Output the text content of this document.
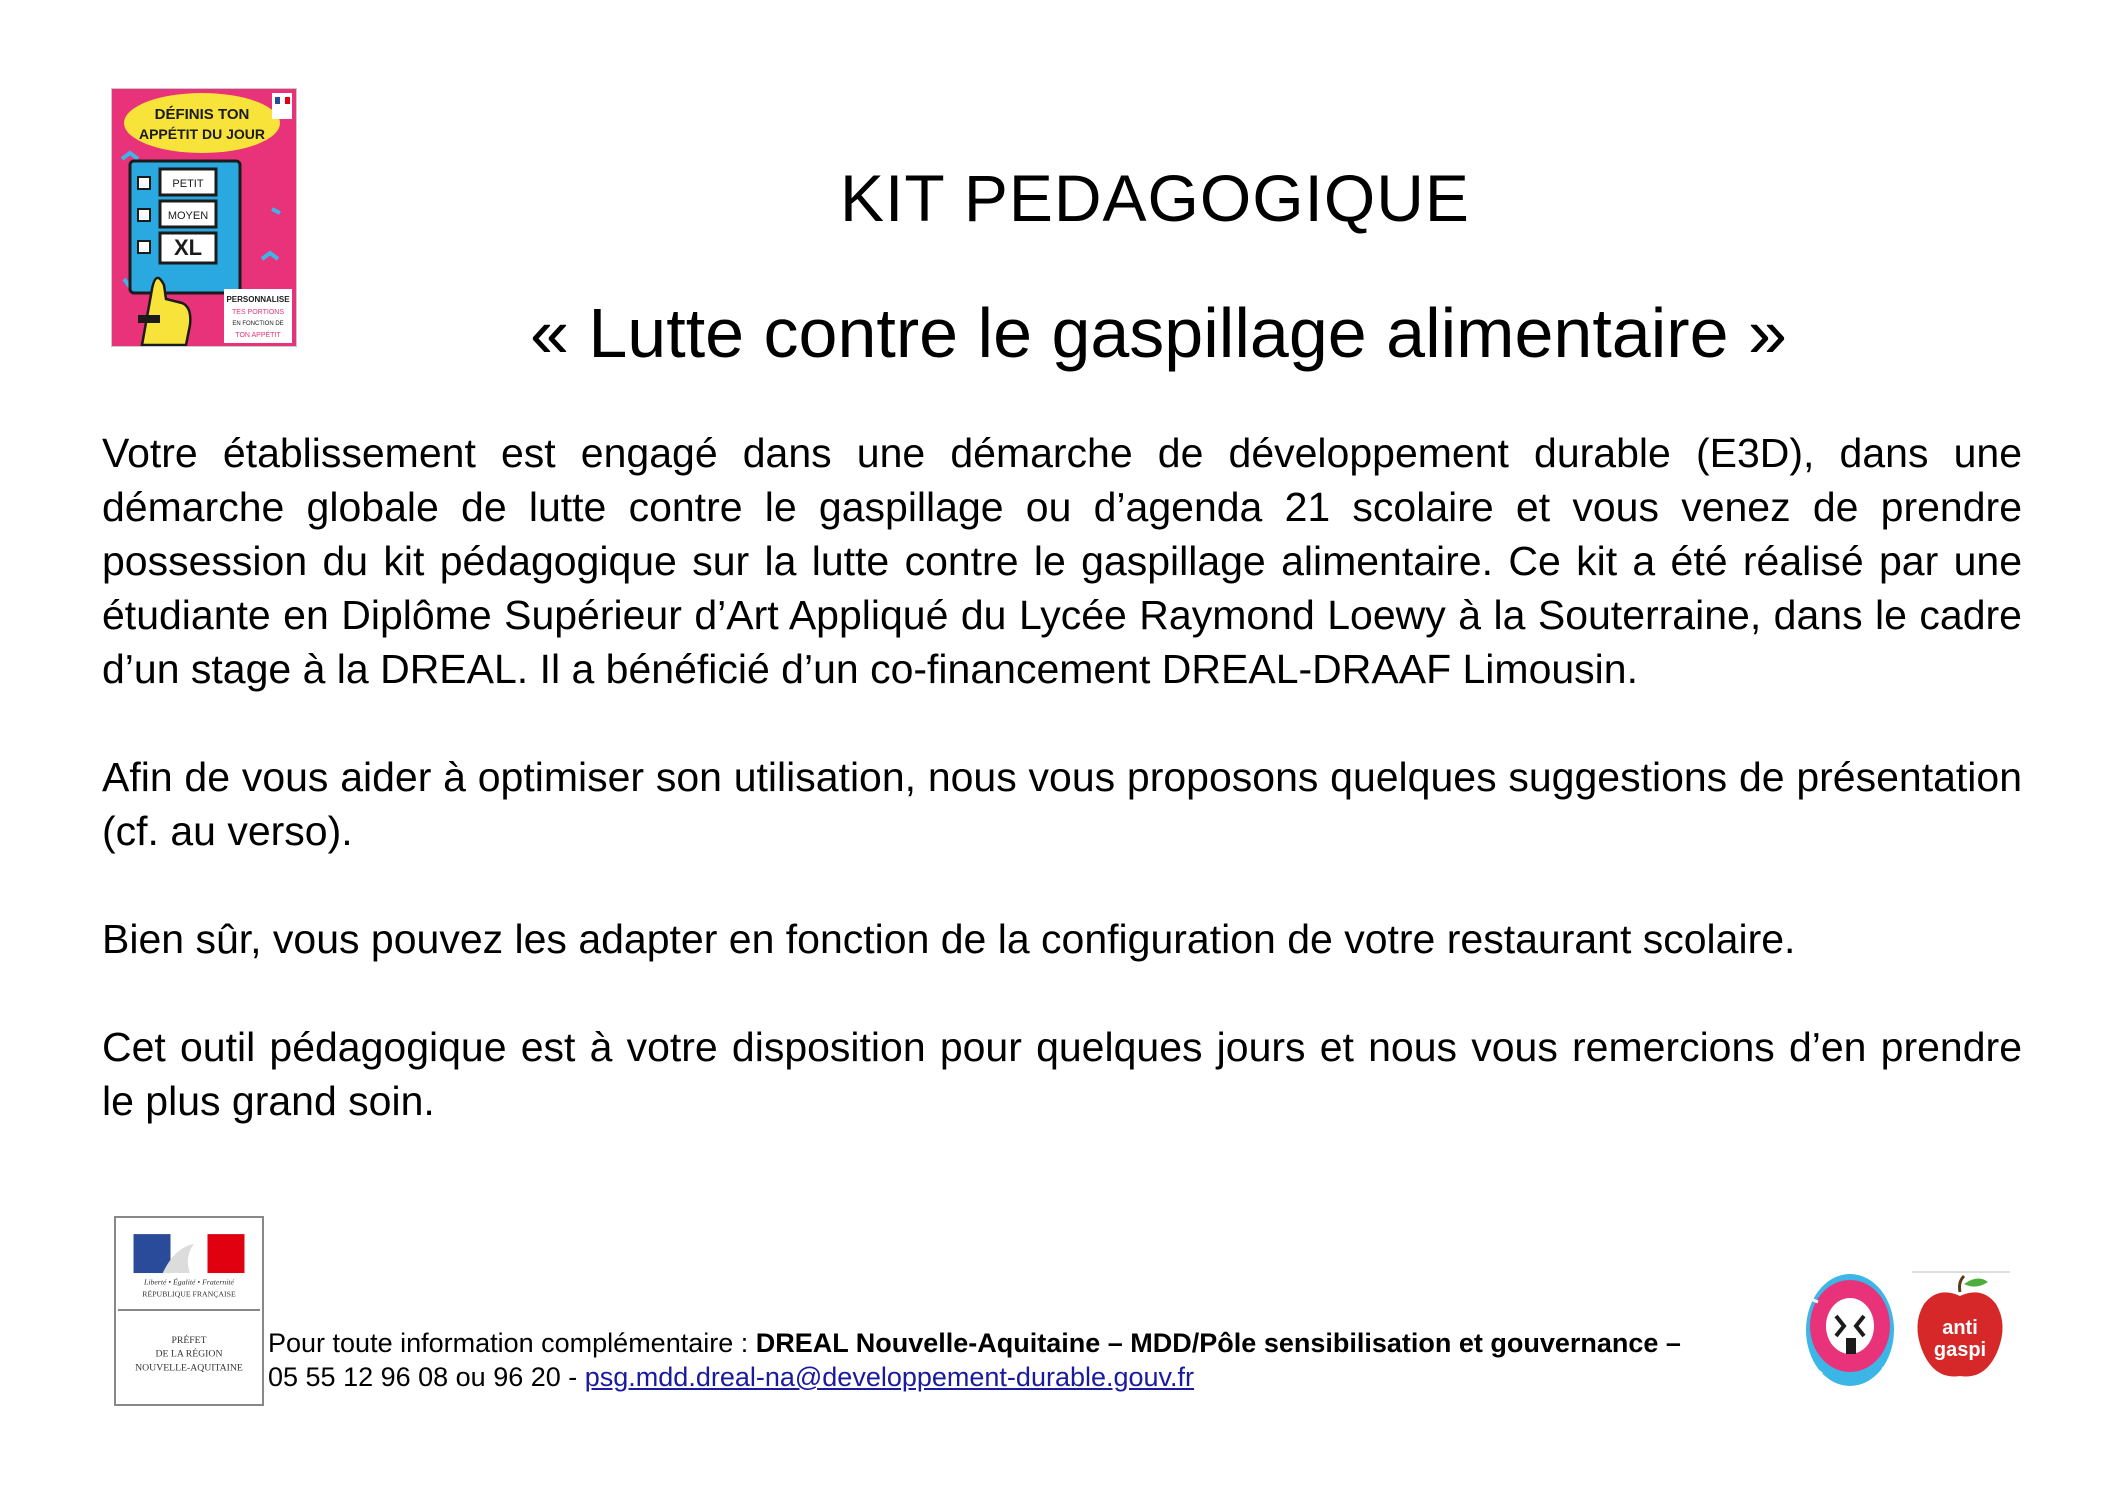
DÉFINIS TON
APPÉTIT DU JOUR
PETIT
MOYEN
XL
PERSONNALISE
TES PORTIONS
EN FONCTION DE
TON APPÉTIT
KIT PEDAGOGIQUE
« Lutte contre le gaspillage alimentaire »

Votre établissement est engagé dans une démarche de développement durable (E3D), dans une démarche globale de lutte contre le gaspillage ou d’agenda 21 scolaire et vous venez de prendre possession du kit pédagogique sur la lutte contre le gaspillage alimentaire. Ce kit a été réalisé par une étudiante en Diplôme Supérieur d’Art Appliqué du Lycée Raymond Loewy à la Souterraine, dans le cadre d’un stage à la DREAL. Il a bénéficié d’un co-financement DREAL-DRAAF Limousin.

Afin de vous aider à optimiser son utilisation, nous vous proposons quelques suggestions de présentation (cf. au verso).

Bien sûr, vous pouvez les adapter en fonction de la configuration de votre restaurant scolaire.

Cet outil pédagogique est à votre disposition pour quelques jours et nous vous remercions d’en prendre le plus grand soin.

Liberté • Égalité • Fraternité
RÉPUBLIQUE FRANÇAISE
PRÉFET
DE LA RÉGION
NOUVELLE-AQUITAINE
Pour toute information complémentaire : DREAL Nouvelle-Aquitaine – MDD/Pôle sensibilisation et gouvernance –
05 55 12 96 08 ou 96 20 - psg.mdd.dreal-na@developpement-durable.gouv.fr
anti
gaspi
